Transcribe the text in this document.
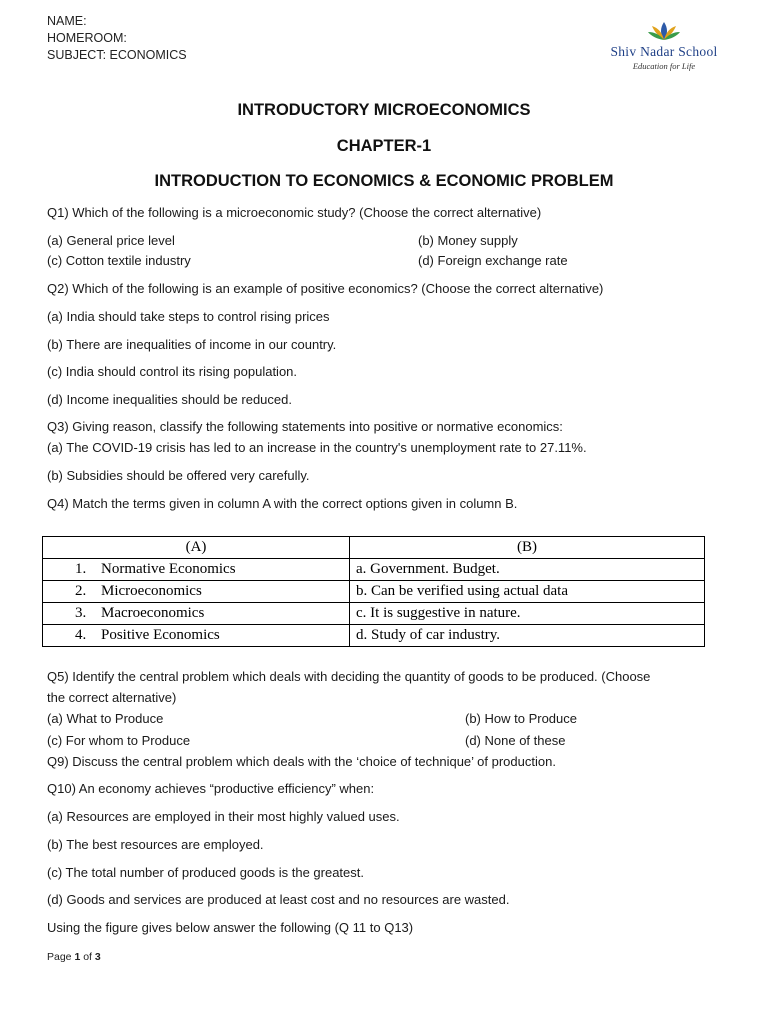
NAME:
HOMEROOM:
SUBJECT: ECONOMICS	Shiv Nadar School
Education for Life
INTRODUCTORY MICROECONOMICS
CHAPTER-1
INTRODUCTION TO ECONOMICS & ECONOMIC PROBLEM
Q1) Which of the following is a microeconomic study? (Choose the correct alternative)
(a) General price level	(b) Money supply
(c) Cotton textile industry	(d) Foreign exchange rate
Q2) Which of the following is an example of positive economics? (Choose the correct alternative)
(a) India should take steps to control rising prices
(b) There are inequalities of income in our country.
(c) India should control its rising population.
(d) Income inequalities should be reduced.
Q3) Giving reason, classify the following statements into positive or normative economics:
(a) The COVID-19 crisis has led to an increase in the country's unemployment rate to 27.11%.
(b) Subsidies should be offered very carefully.
Q4) Match the terms given in column A with the correct options given in column B.
(A)	(B)
1. Normative Economics	a. Government. Budget.
2. Microeconomics	b. Can be verified using actual data
3. Macroeconomics	c. It is suggestive in nature.
4. Positive Economics	d. Study of car industry.
Q5) Identify the central problem which deals with deciding the quantity of goods to be produced. (Choose
the correct alternative)
(a) What to Produce	(b) How to Produce
(c) For whom to Produce	(d) None of these
Q9) Discuss the central problem which deals with the ‘choice of technique’ of production.
Q10) An economy achieves “productive efficiency” when:
(a) Resources are employed in their most highly valued uses.
(b) The best resources are employed.
(c) The total number of produced goods is the greatest.
(d) Goods and services are produced at least cost and no resources are wasted.
Using the figure gives below answer the following (Q 11 to Q13)
Page 1 of 3
